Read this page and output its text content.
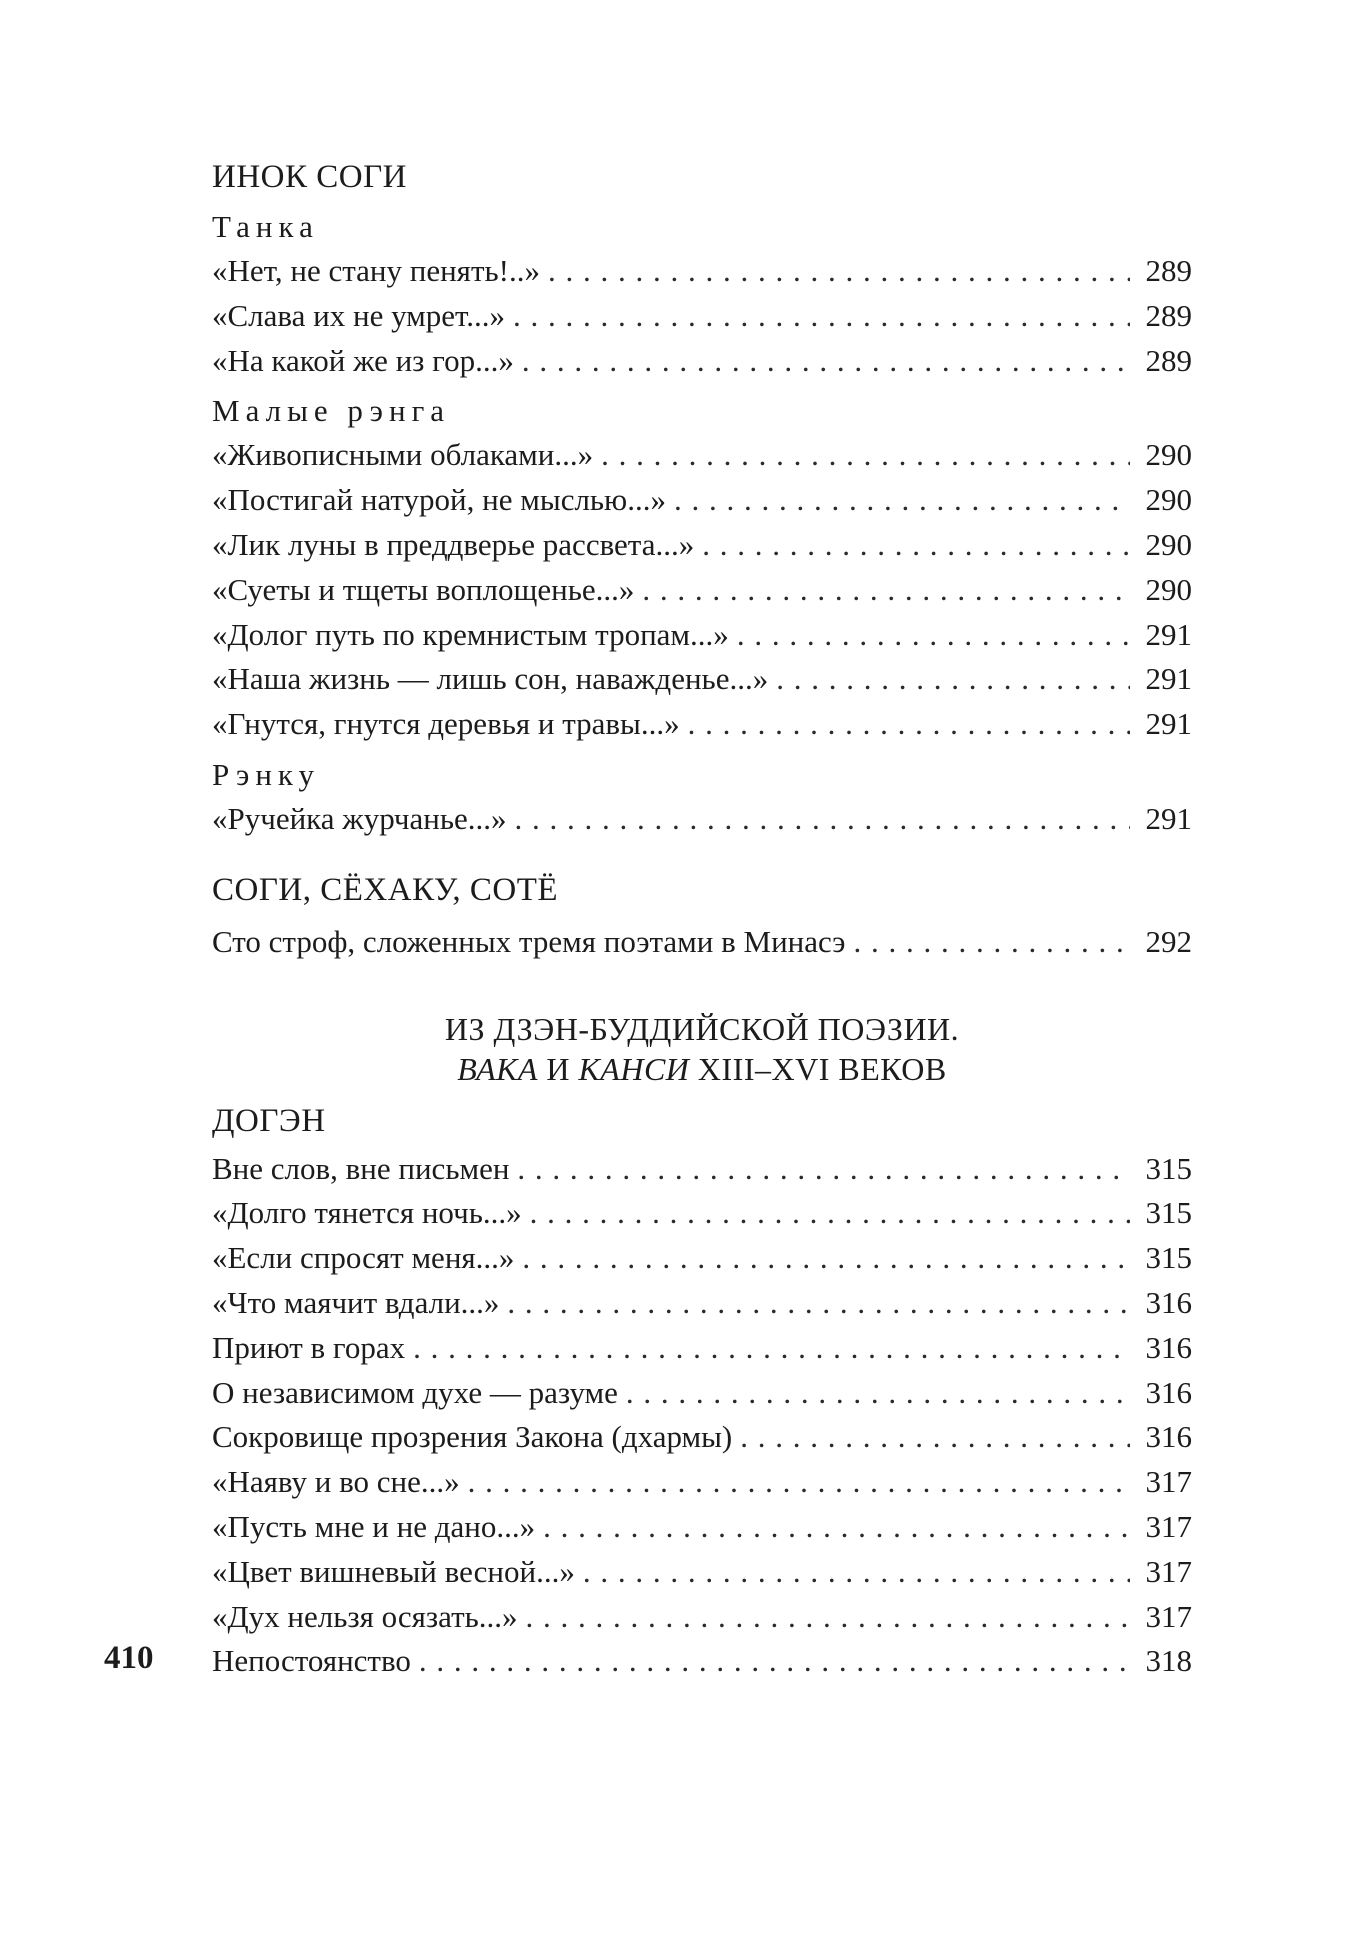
ИНОК СОГИ
Танка
«Нет, не стану пенять!..» . . .	289
«Слава их не умрет...» . . .	289
«На какой же из гор...» . . .	289
Малые рэнга
«Живописными облаками...» . . .	290
«Постигай натурой, не мыслью...» . . .	290
«Лик луны в преддверье рассвета...» . . .	290
«Суеты и тщеты воплощенье...» . . .	290
«Долог путь по кремнистым тропам...» . . .	291
«Наша жизнь — лишь сон, наважденье...» . . .	291
«Гнутся, гнутся деревья и травы...» . . .	291
Рэнку
«Ручейка журчанье...» . . .	291
СОГИ, СЁХАКУ, СОТЁ
Сто строф, сложенных тремя поэтами в Минасэ . . .	292
ИЗ ДЗЭН-БУДДИЙСКОЙ ПОЭЗИИ.
ВАКА И КАНСИ XIII–XVI ВЕКОВ
ДОГЭН
Вне слов, вне письмен . . .	315
«Долго тянется ночь...» . . .	315
«Если спросят меня...» . . .	315
«Что маячит вдали...» . . .	316
Приют в горах . . .	316
О независимом духе — разуме . . .	316
Сокровище прозрения Закона (дхармы) . . .	316
«Наяву и во сне...» . . .	317
«Пусть мне и не дано...» . . .	317
«Цвет вишневый весной...» . . .	317
«Дух нельзя осязать...» . . .	317
Непостоянство . . .	318
410
